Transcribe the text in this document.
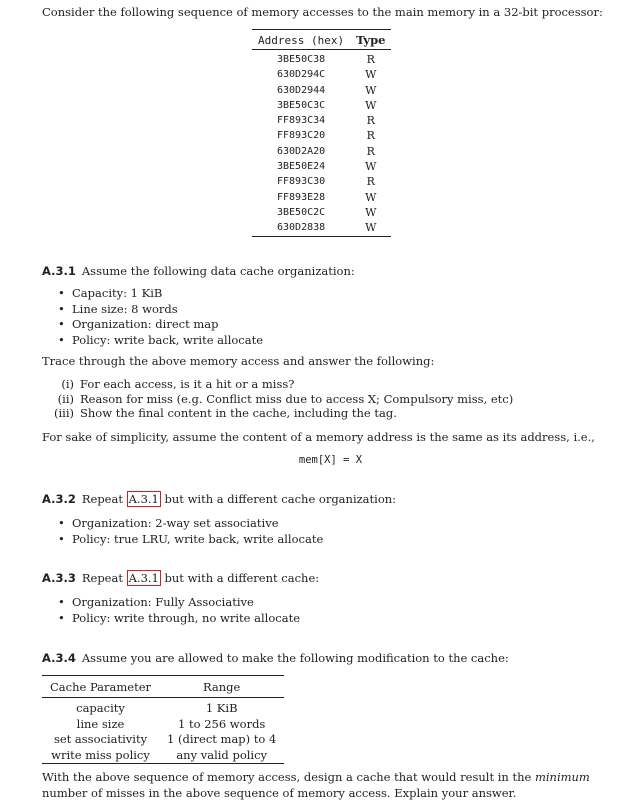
Consider the following sequence of memory accesses to the main memory in a 32-bit processor:

Address (hex)	Type
3BE50C38	R
630D294C	W
630D2944	W
3BE50C3C	W
FF893C34	R
FF893C20	R
630D2A20	R
3BE50E24	W
FF893C30	R
FF893E28	W
3BE50C2C	W
630D2838	W

A.3.1 Assume the following data cache organization:

• Capacity: 1 KiB
• Line size: 8 words
• Organization: direct map
• Policy: write back, write allocate

Trace through the above memory access and answer the following:

(i) For each access, is it a hit or a miss?
(ii) Reason for miss (e.g. Conflict miss due to access X; Compulsory miss, etc)
(iii) Show the final content in the cache, including the tag.

For sake of simplicity, assume the content of a memory address is the same as its address, i.e.,

mem[X] = X

A.3.2 Repeat A.3.1 but with a different cache organization:

• Organization: 2-way set associative
• Policy: true LRU, write back, write allocate

A.3.3 Repeat A.3.1 but with a different cache:

• Organization: Fully Associative
• Policy: write through, no write allocate

A.3.4 Assume you are allowed to make the following modification to the cache:

Cache Parameter	Range
capacity	1 KiB
line size	1 to 256 words
set associativity	1 (direct map) to 4
write miss policy	any valid policy

With the above sequence of memory access, design a cache that would result in the minimum number of misses in the above sequence of memory access. Explain your answer.
